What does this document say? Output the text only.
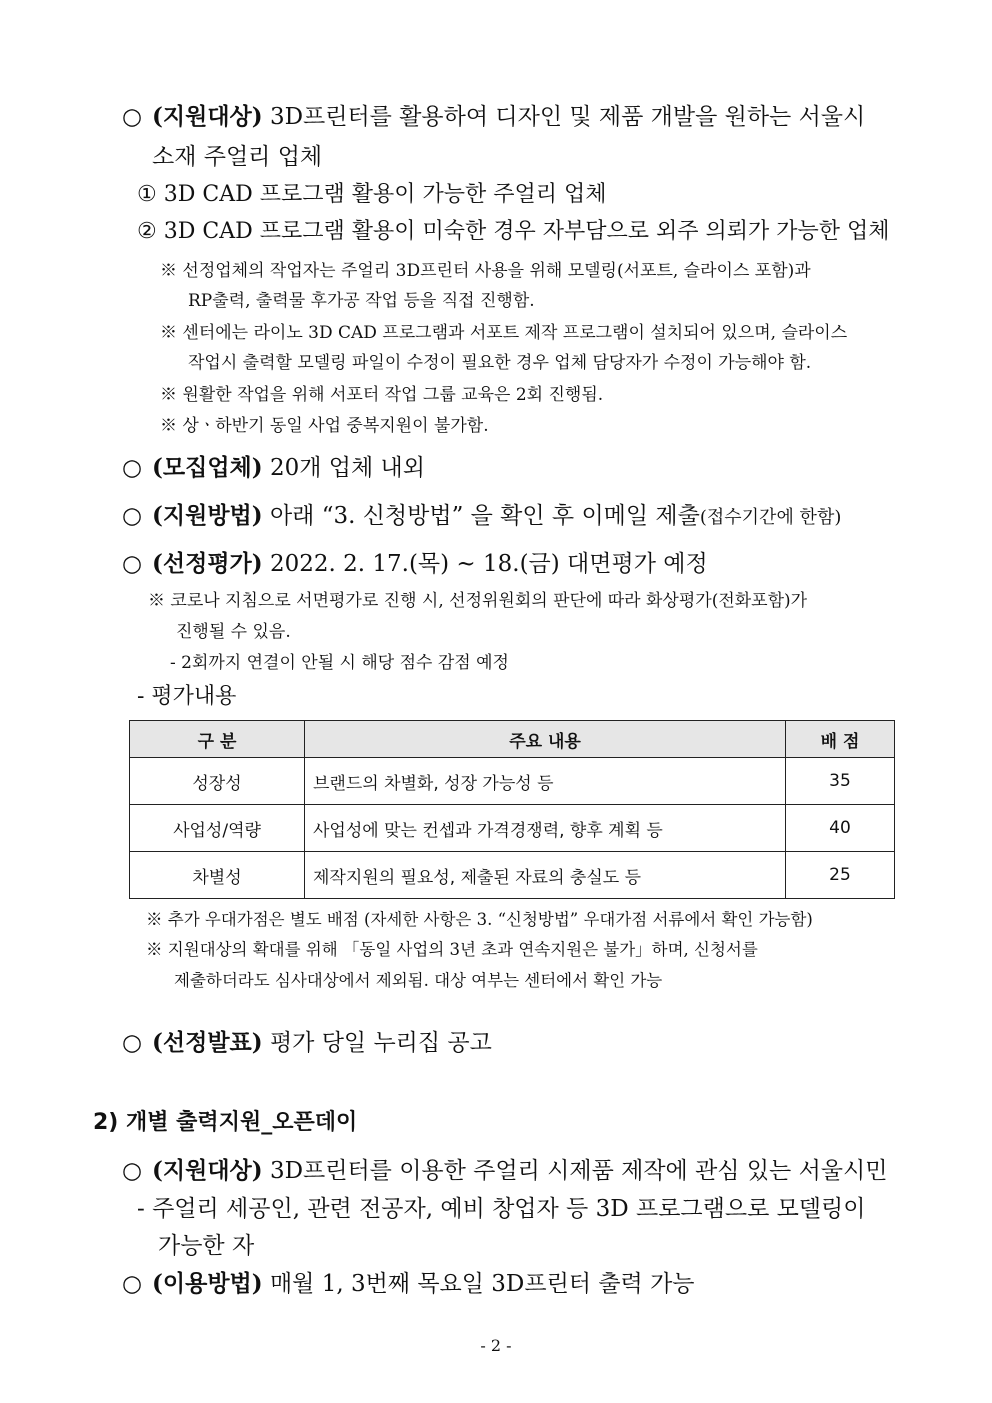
○ (지원대상) 3D프린터를 활용하여 디자인 및 제품 개발을 원하는 서울시
소재 주얼리 업체
① 3D CAD 프로그램 활용이 가능한 주얼리 업체
② 3D CAD 프로그램 활용이 미숙한 경우 자부담으로 외주 의뢰가 가능한 업체
※ 선정업체의 작업자는 주얼리 3D프린터 사용을 위해 모델링(서포트, 슬라이스 포함)과
RP출력, 출력물 후가공 작업 등을 직접 진행함.
※ 센터에는 라이노 3D CAD 프로그램과 서포트 제작 프로그램이 설치되어 있으며, 슬라이스
작업시 출력할 모델링 파일이 수정이 필요한 경우 업체 담당자가 수정이 가능해야 함.
※ 원활한 작업을 위해 서포터 작업 그룹 교육은 2회 진행됨.
※ 상ㆍ하반기 동일 사업 중복지원이 불가함.
○ (모집업체) 20개 업체 내외
○ (지원방법) 아래 “3. 신청방법” 을 확인 후 이메일 제출(접수기간에 한함)
○ (선정평가) 2022. 2. 17.(목) ~ 18.(금) 대면평가 예정
※ 코로나 지침으로 서면평가로 진행 시, 선정위원회의 판단에 따라 화상평가(전화포함)가
진행될 수 있음.
- 2회까지 연결이 안될 시 해당 점수 감점 예정
- 평가내용
구 분	주요 내용	배 점
성장성	브랜드의 차별화, 성장 가능성 등	35
사업성/역량	사업성에 맞는 컨셉과 가격경쟁력, 향후 계획 등	40
차별성	제작지원의 필요성, 제출된 자료의 충실도 등	25
※ 추가 우대가점은 별도 배점 (자세한 사항은 3. “신청방법” 우대가점 서류에서 확인 가능함)
※ 지원대상의 확대를 위해 「동일 사업의 3년 초과 연속지원은 불가」하며, 신청서를
제출하더라도 심사대상에서 제외됨. 대상 여부는 센터에서 확인 가능
○ (선정발표) 평가 당일 누리집 공고
2) 개별 출력지원_오픈데이
○ (지원대상) 3D프린터를 이용한 주얼리 시제품 제작에 관심 있는 서울시민
- 주얼리 세공인, 관련 전공자, 예비 창업자 등 3D 프로그램으로 모델링이
가능한 자
○ (이용방법) 매월 1, 3번째 목요일 3D프린터 출력 가능
- 2 -
